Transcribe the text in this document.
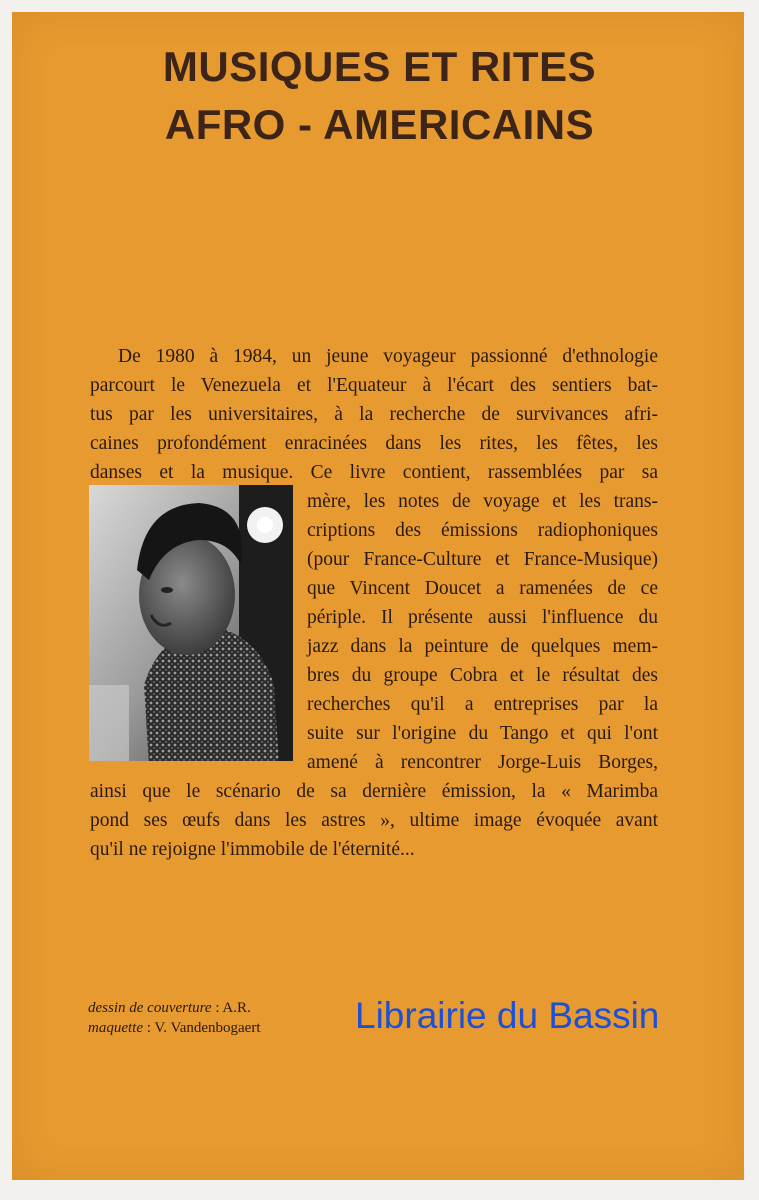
MUSIQUES ET RITES
AFRO - AMERICAINS
De 1980 à 1984, un jeune voyageur passionné d'ethnologie
parcourt le Venezuela et l'Equateur à l'écart des sentiers bat-
tus par les universitaires, à la recherche de survivances afri-
caines profondément enracinées dans les rites, les fêtes, les
danses et la musique. Ce livre contient, rassemblées par sa
mère, les notes de voyage et les trans-
criptions des émissions radiophoniques
(pour France-Culture et France-Musique)
que Vincent Doucet a ramenées de ce
périple. Il présente aussi l'influence du
jazz dans la peinture de quelques mem-
bres du groupe Cobra et le résultat des
recherches qu'il a entreprises par la
suite sur l'origine du Tango et qui l'ont
amené à rencontrer Jorge-Luis Borges,
ainsi que le scénario de sa dernière émission, la « Marimba
pond ses œufs dans les astres », ultime image évoquée avant
qu'il ne rejoigne l'immobile de l'éternité...
dessin de couverture : A.R.
maquette : V. Vandenbogaert	Librairie du Bassin
